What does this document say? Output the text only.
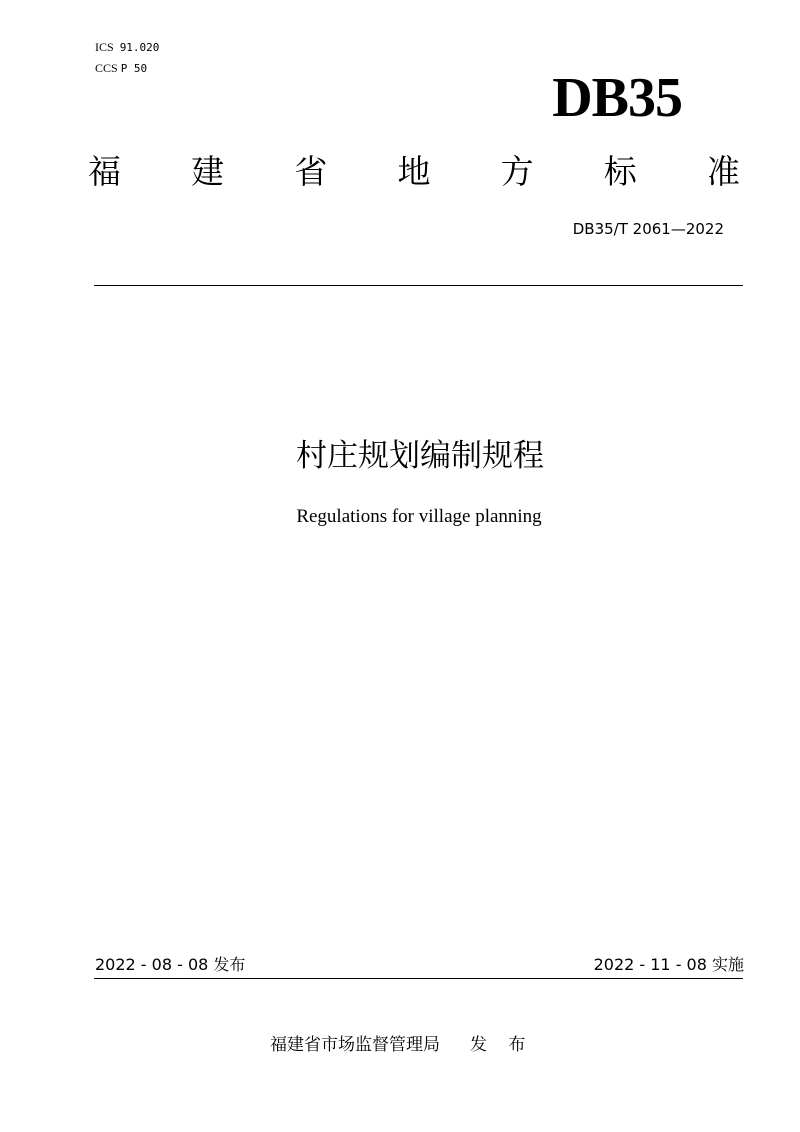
ICS 91.020
CCS P 50	DB35
福 建 省 地 方 标 准
DB35/T 2061—2022
村庄规划编制规程
Regulations for village planning
2022 - 08 - 08 发布	2022 - 11 - 08 实施
福建省市场监督管理局 发 布
